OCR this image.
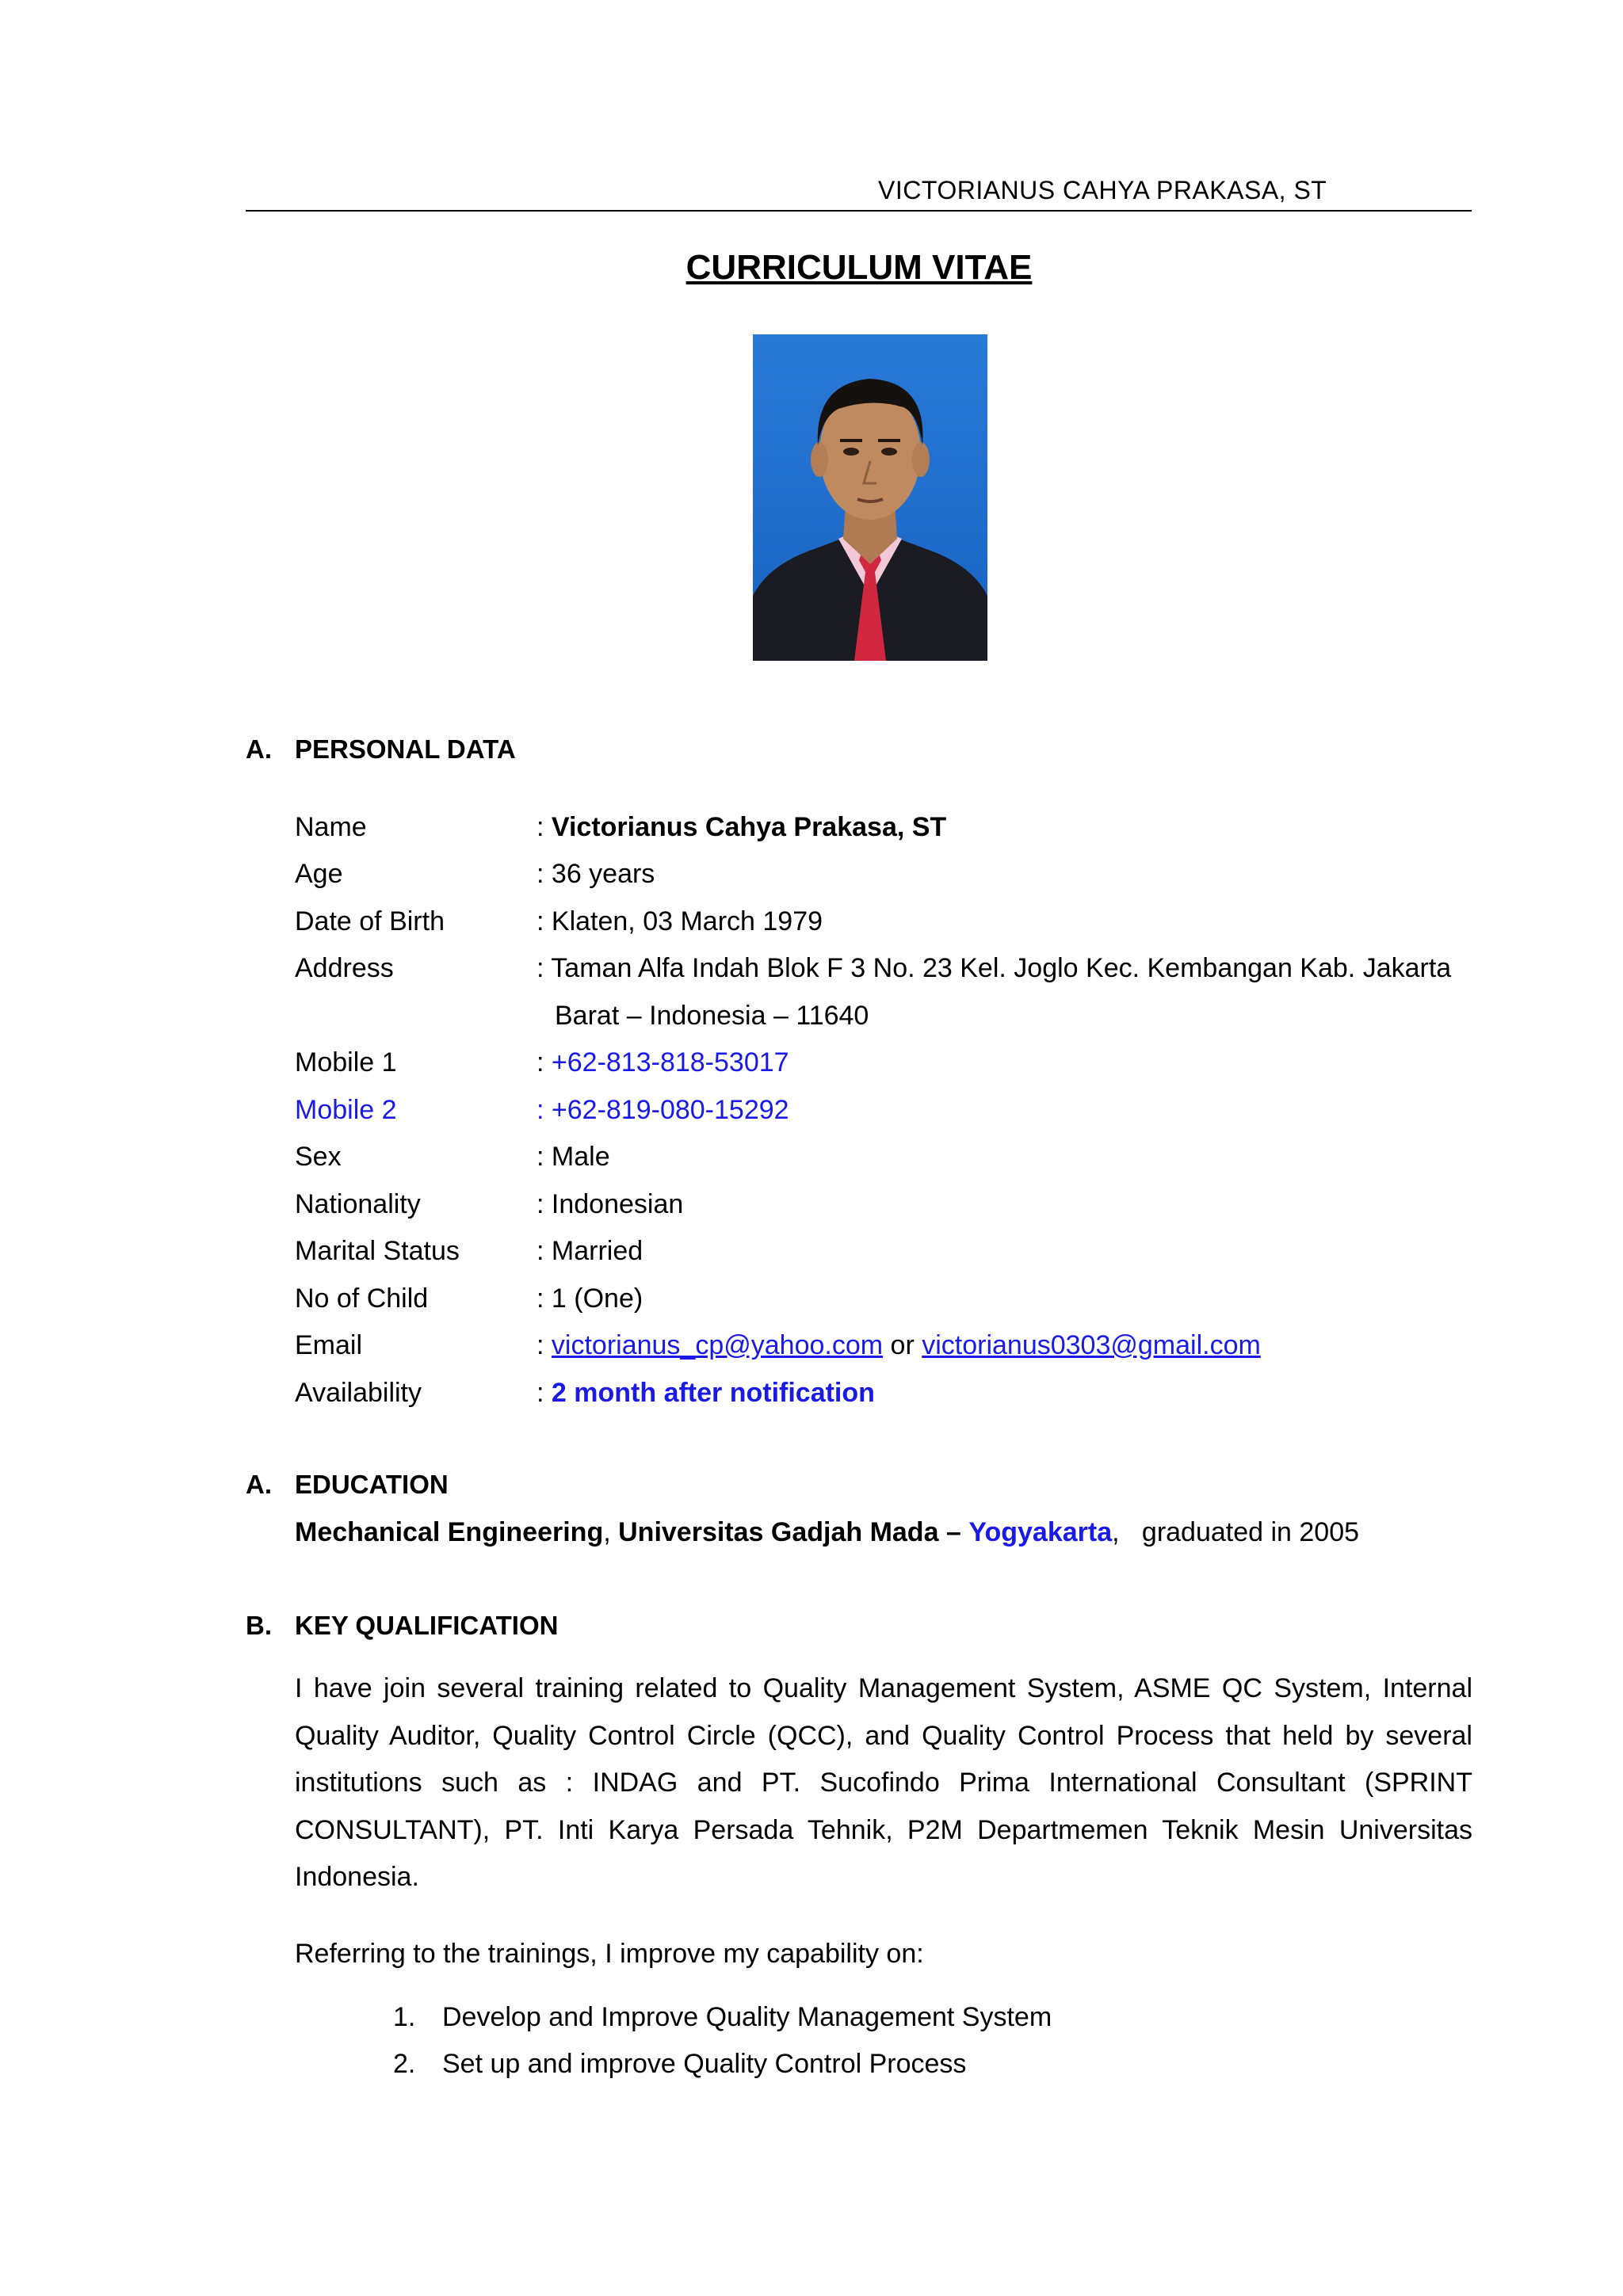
VICTORIANUS CAHYA PRAKASA, ST
CURRICULUM VITAE
A. PERSONAL DATA
Name	: Victorianus Cahya Prakasa, ST
Age	: 36 years
Date of Birth	: Klaten, 03 March 1979
Address	: Taman Alfa Indah Blok F 3 No. 23 Kel. Joglo Kec. Kembangan Kab. Jakarta
Barat – Indonesia – 11640
Mobile 1	: +62-813-818-53017
Mobile 2	: +62-819-080-15292
Sex	: Male
Nationality	: Indonesian
Marital Status	: Married
No of Child	: 1 (One)
Email	: victorianus_cp@yahoo.com or victorianus0303@gmail.com
Availability	: 2 month after notification
A. EDUCATION
Mechanical Engineering, Universitas Gadjah Mada – Yogyakarta, graduated in 2005
B. KEY QUALIFICATION
I have join several training related to Quality Management System, ASME QC System, Internal Quality Auditor, Quality Control Circle (QCC), and Quality Control Process that held by several institutions such as : INDAG and PT. Sucofindo Prima International Consultant (SPRINT CONSULTANT), PT. Inti Karya Persada Tehnik, P2M Departmemen Teknik Mesin Universitas Indonesia.
Referring to the trainings, I improve my capability on:
1. Develop and Improve Quality Management System
2. Set up and improve Quality Control Process
